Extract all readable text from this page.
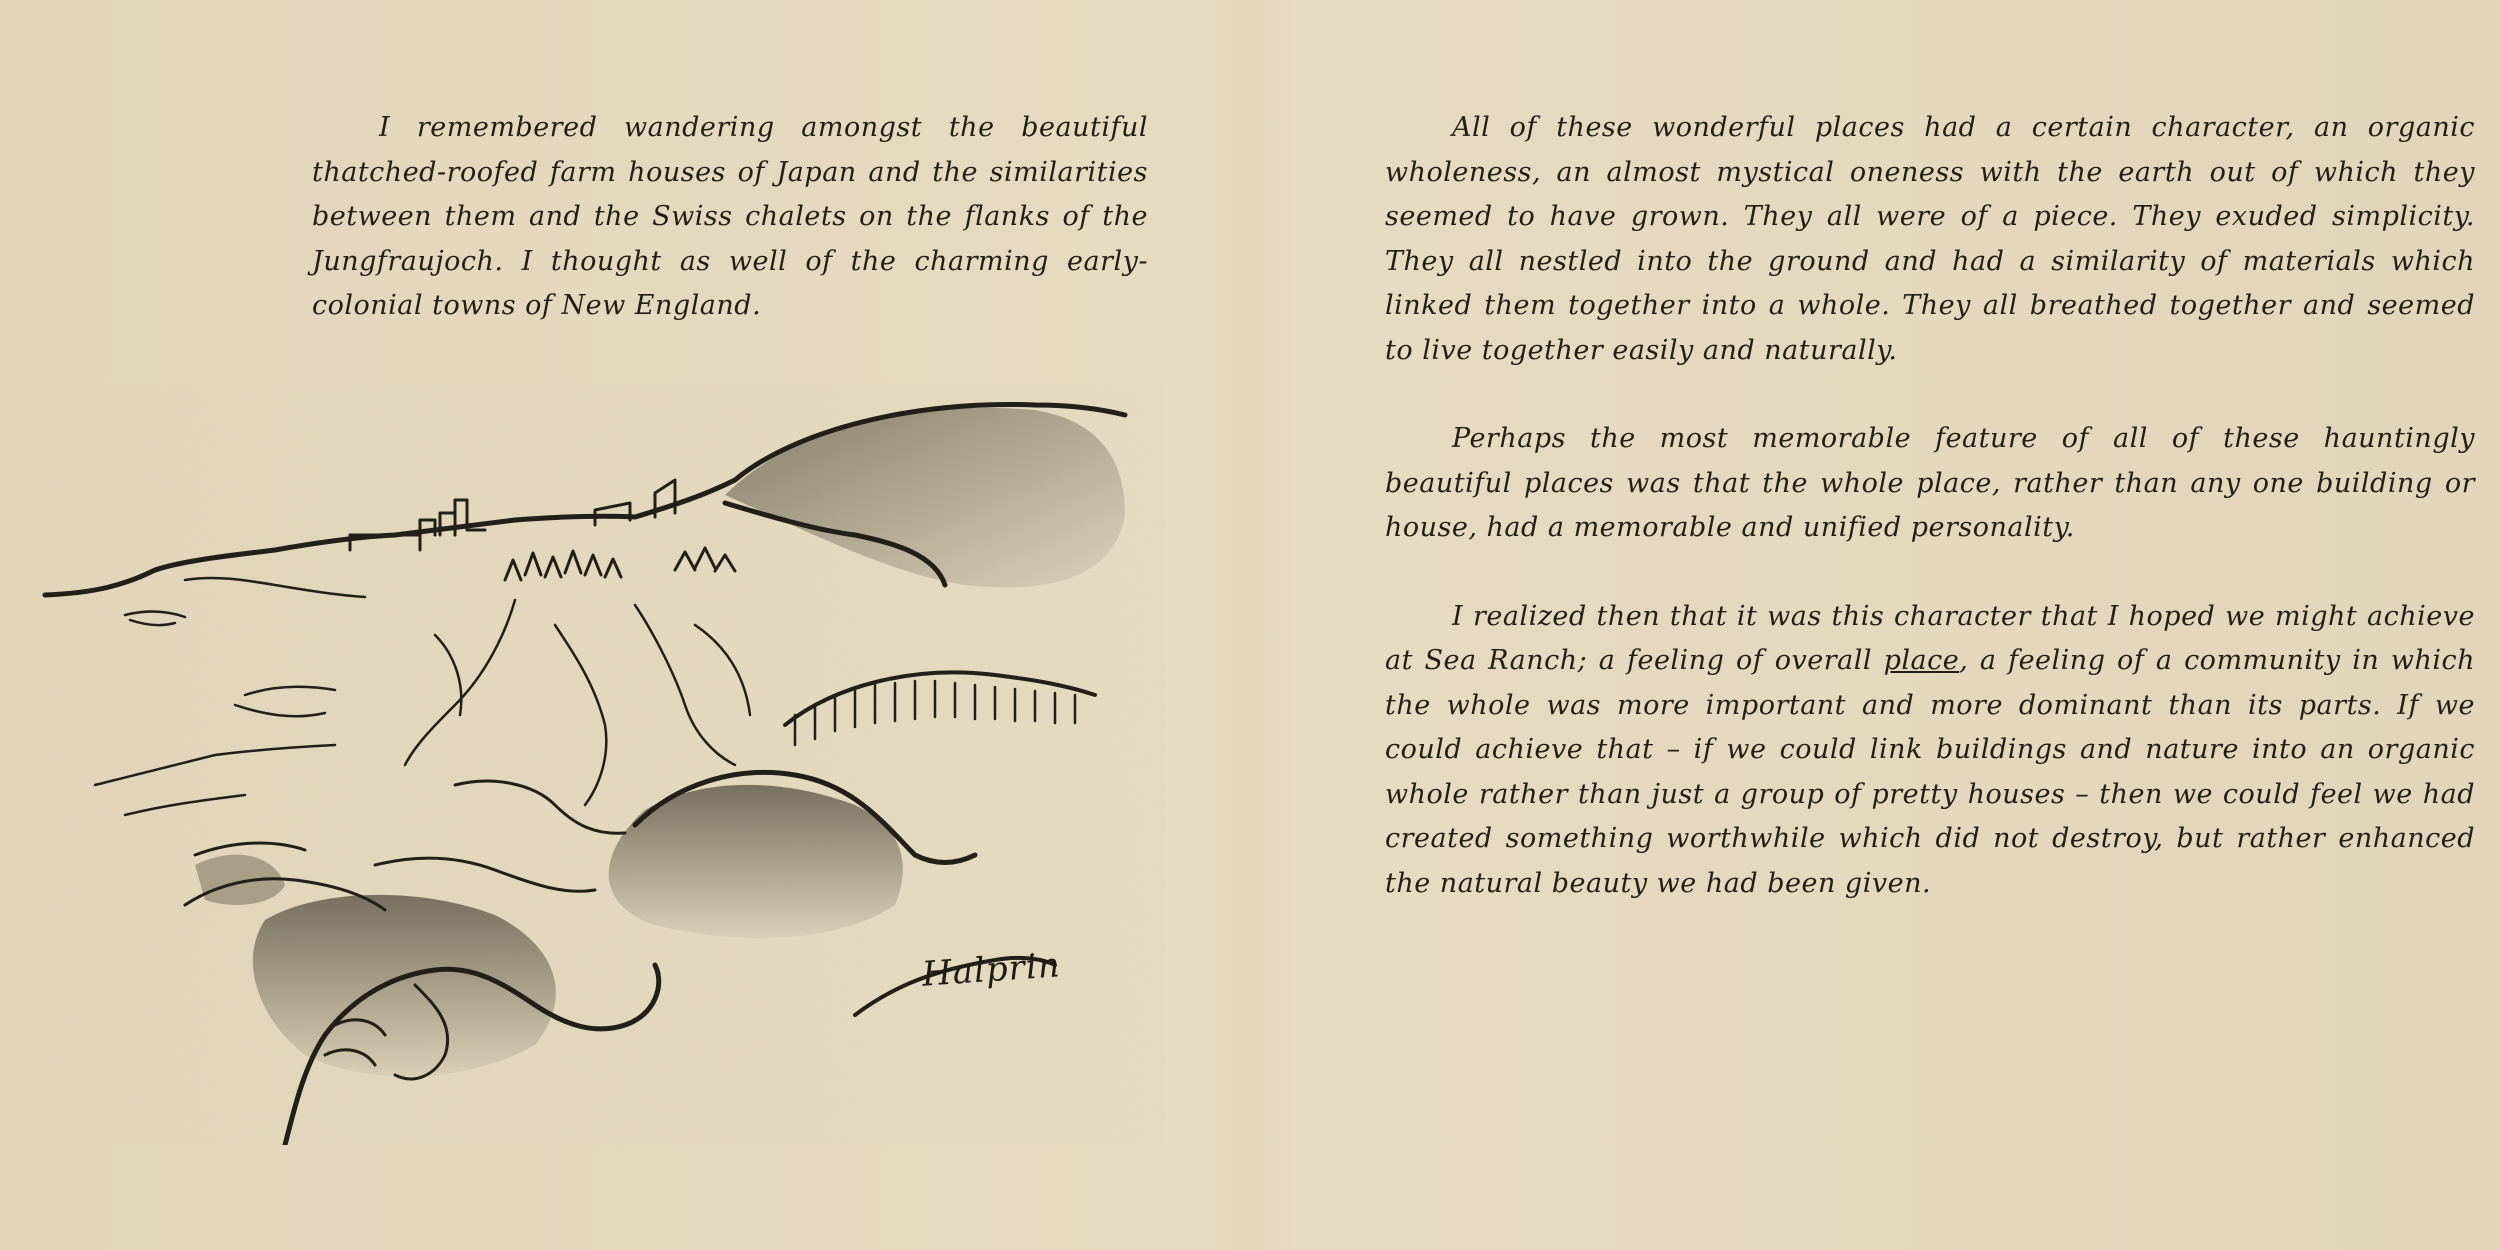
I remembered wandering amongst the beautiful thatched-roofed farm houses of Japan and the similarities between them and the Swiss chalets on the flanks of the Jungfraujoch. I thought as well of the charming early-colonial towns of New England.

Halprin

All of these wonderful places had a certain character, an organic wholeness, an almost mystical oneness with the earth out of which they seemed to have grown. They all were of a piece. They exuded simplicity. They all nestled into the ground and had a similarity of materials which linked them together into a whole. They all breathed together and seemed to live together easily and naturally.

Perhaps the most memorable feature of all of these hauntingly beautiful places was that the whole place, rather than any one building or house, had a memorable and unified personality.

I realized then that it was this character that I hoped we might achieve at Sea Ranch; a feeling of overall place, a feeling of a community in which the whole was more important and more dominant than its parts. If we could achieve that – if we could link buildings and nature into an organic whole rather than just a group of pretty houses – then we could feel we had created something worthwhile which did not destroy, but rather enhanced the natural beauty we had been given.
